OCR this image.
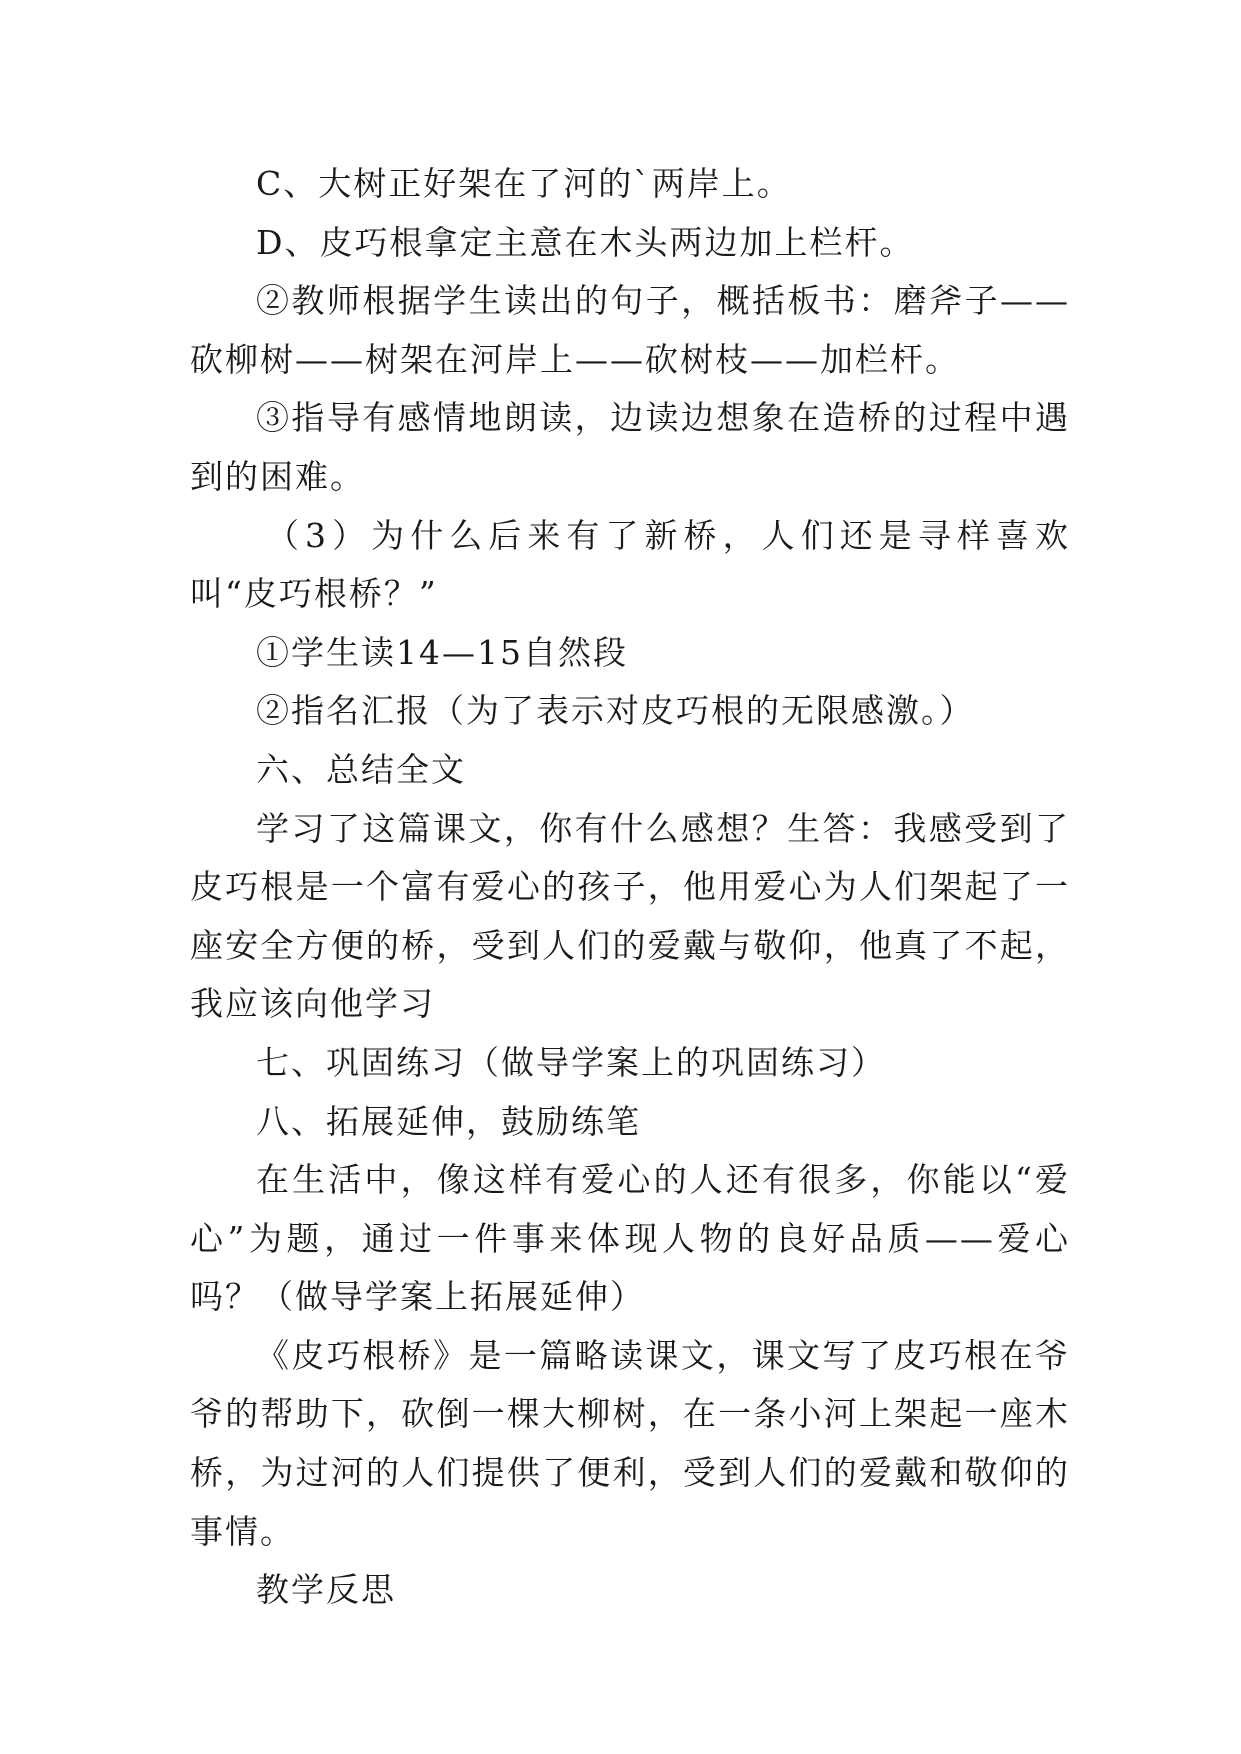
C、大树正好架在了河的`两岸上。

D、皮巧根拿定主意在木头两边加上栏杆。

②教师根据学生读出的句子，概括板书：磨斧子——砍柳树——树架在河岸上——砍树枝——加栏杆。

③指导有感情地朗读，边读边想象在造桥的过程中遇到的困难。

（3）为什么后来有了新桥，人们还是寻样喜欢叫“皮巧根桥？”

①学生读14—15自然段

②指名汇报（为了表示对皮巧根的无限感激。）

六、总结全文

学习了这篇课文，你有什么感想？生答：我感受到了皮巧根是一个富有爱心的孩子，他用爱心为人们架起了一座安全方便的桥，受到人们的爱戴与敬仰，他真了不起，我应该向他学习

七、巩固练习（做导学案上的巩固练习）

八、拓展延伸，鼓励练笔

在生活中，像这样有爱心的人还有很多，你能以“爱心”为题，通过一件事来体现人物的良好品质——爱心吗？（做导学案上拓展延伸）

《皮巧根桥》是一篇略读课文，课文写了皮巧根在爷爷的帮助下，砍倒一棵大柳树，在一条小河上架起一座木桥，为过河的人们提供了便利，受到人们的爱戴和敬仰的事情。

教学反思
